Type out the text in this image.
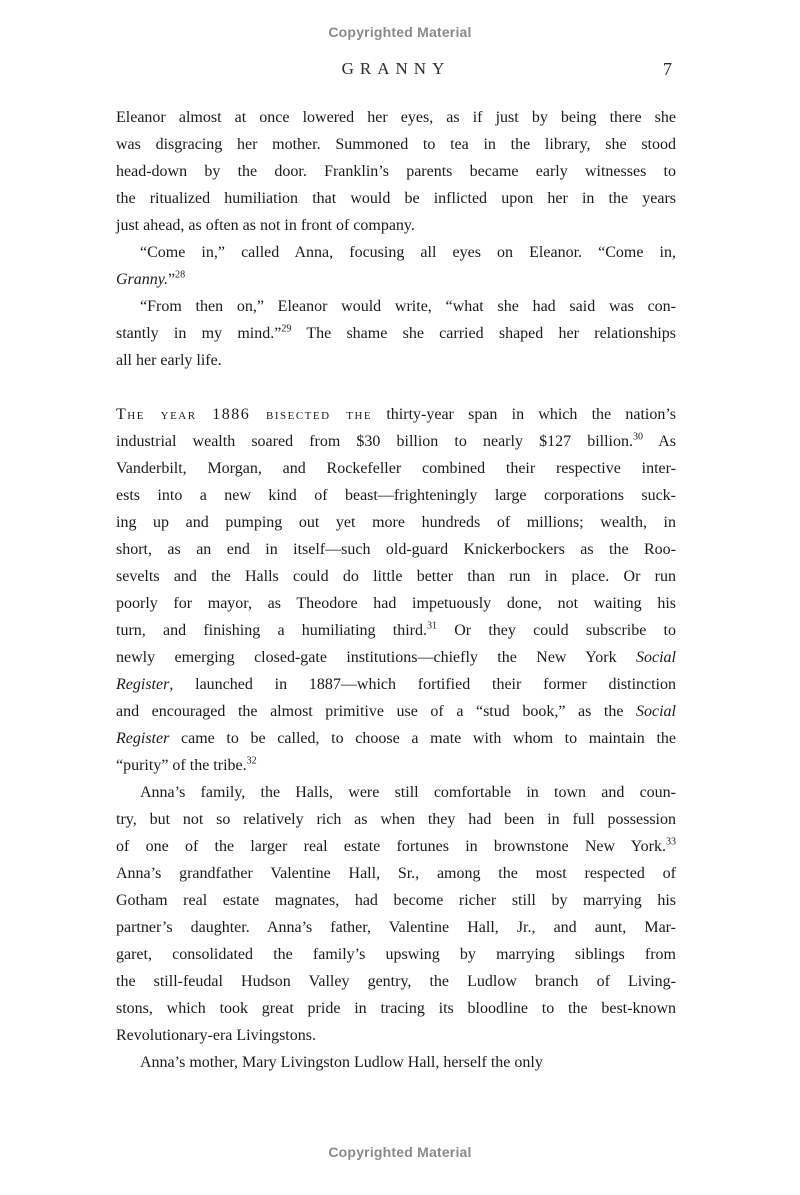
Copyrighted Material
GRANNY	7
Eleanor almost at once lowered her eyes, as if just by being there she
was disgracing her mother. Summoned to tea in the library, she stood
head-down by the door. Franklin’s parents became early witnesses to
the ritualized humiliation that would be inflicted upon her in the years
just ahead, as often as not in front of company.
“Come in,” called Anna, focusing all eyes on Eleanor. “Come in,
Granny.”$^{28}$
“From then on,” Eleanor would write, “what she had said was con-
stantly in my mind.”$^{29}$ The shame she carried shaped her relationships
all her early life.
The year 1886 bisected the thirty-year span in which the nation’s
industrial wealth soared from $30 billion to nearly $127 billion.$^{30}$ As
Vanderbilt, Morgan, and Rockefeller combined their respective inter-
ests into a new kind of beast—frighteningly large corporations suck-
ing up and pumping out yet more hundreds of millions; wealth, in
short, as an end in itself—such old-guard Knickerbockers as the Roo-
sevelts and the Halls could do little better than run in place. Or run
poorly for mayor, as Theodore had impetuously done, not waiting his
turn, and finishing a humiliating third.$^{31}$ Or they could subscribe to
newly emerging closed-gate institutions—chiefly the New York Social
Register, launched in 1887—which fortified their former distinction
and encouraged the almost primitive use of a “stud book,” as the Social
Register came to be called, to choose a mate with whom to maintain the
“purity” of the tribe.$^{32}$
Anna’s family, the Halls, were still comfortable in town and coun-
try, but not so relatively rich as when they had been in full possession
of one of the larger real estate fortunes in brownstone New York.$^{33}$
Anna’s grandfather Valentine Hall, Sr., among the most respected of
Gotham real estate magnates, had become richer still by marrying his
partner’s daughter. Anna’s father, Valentine Hall, Jr., and aunt, Mar-
garet, consolidated the family’s upswing by marrying siblings from
the still-feudal Hudson Valley gentry, the Ludlow branch of Living-
stons, which took great pride in tracing its bloodline to the best-known
Revolutionary-era Livingstons.
Anna’s mother, Mary Livingston Ludlow Hall, herself the only
Copyrighted Material
